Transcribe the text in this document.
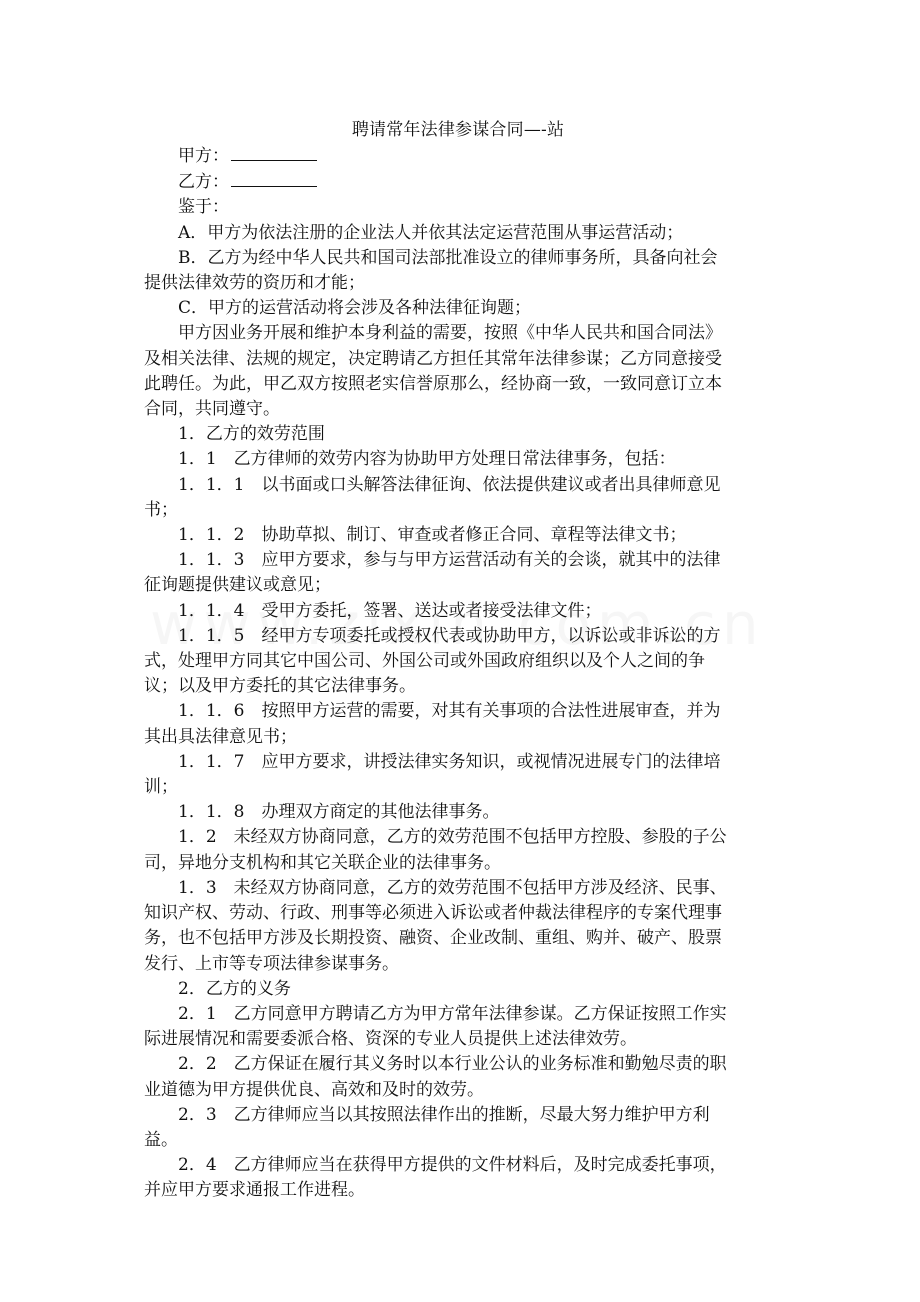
聘请常年法律参谋合同—-站

甲方：

乙方：

鉴于：

A．甲方为依法注册的企业法人并依其法定运营范围从事运营活动；

B．乙方为经中华人民共和国司法部批准设立的律师事务所，具备向社会
提供法律效劳的资历和才能；

C．甲方的运营活动将会涉及各种法律征询题；

甲方因业务开展和维护本身利益的需要，按照《中华人民共和国合同法》
及相关法律、法规的规定，决定聘请乙方担任其常年法律参谋；乙方同意接受
此聘任。为此，甲乙双方按照老实信誉原那么，经协商一致，一致同意订立本
合同，共同遵守。

1．乙方的效劳范围

1．1　乙方律师的效劳内容为协助甲方处理日常法律事务，包括：

1．1．1　以书面或口头解答法律征询、依法提供建议或者出具律师意见
书；

1．1．2　协助草拟、制订、审查或者修正合同、章程等法律文书；

1．1．3　应甲方要求，参与与甲方运营活动有关的会谈，就其中的法律
征询题提供建议或意见；

1．1．4　受甲方委托，签署、送达或者接受法律文件；

1．1．5　经甲方专项委托或授权代表或协助甲方，以诉讼或非诉讼的方
式，处理甲方同其它中国公司、外国公司或外国政府组织以及个人之间的争
议；以及甲方委托的其它法律事务。

1．1．6　按照甲方运营的需要，对其有关事项的合法性进展审查，并为
其出具法律意见书；

1．1．7　应甲方要求，讲授法律实务知识，或视情况进展专门的法律培
训；

1．1．8　办理双方商定的其他法律事务。

1．2　未经双方协商同意，乙方的效劳范围不包括甲方控股、参股的子公
司，异地分支机构和其它关联企业的法律事务。

1．3　未经双方协商同意，乙方的效劳范围不包括甲方涉及经济、民事、
知识产权、劳动、行政、刑事等必须进入诉讼或者仲裁法律程序的专案代理事
务，也不包括甲方涉及长期投资、融资、企业改制、重组、购并、破产、股票
发行、上市等专项法律参谋事务。

2．乙方的义务

2．1　乙方同意甲方聘请乙方为甲方常年法律参谋。乙方保证按照工作实
际进展情况和需要委派合格、资深的专业人员提供上述法律效劳。

2．2　乙方保证在履行其义务时以本行业公认的业务标准和勤勉尽责的职
业道德为甲方提供优良、高效和及时的效劳。

2．3　乙方律师应当以其按照法律作出的推断，尽最大努力维护甲方利
益。

2．4　乙方律师应当在获得甲方提供的文件材料后，及时完成委托事项，
并应甲方要求通报工作进程。
